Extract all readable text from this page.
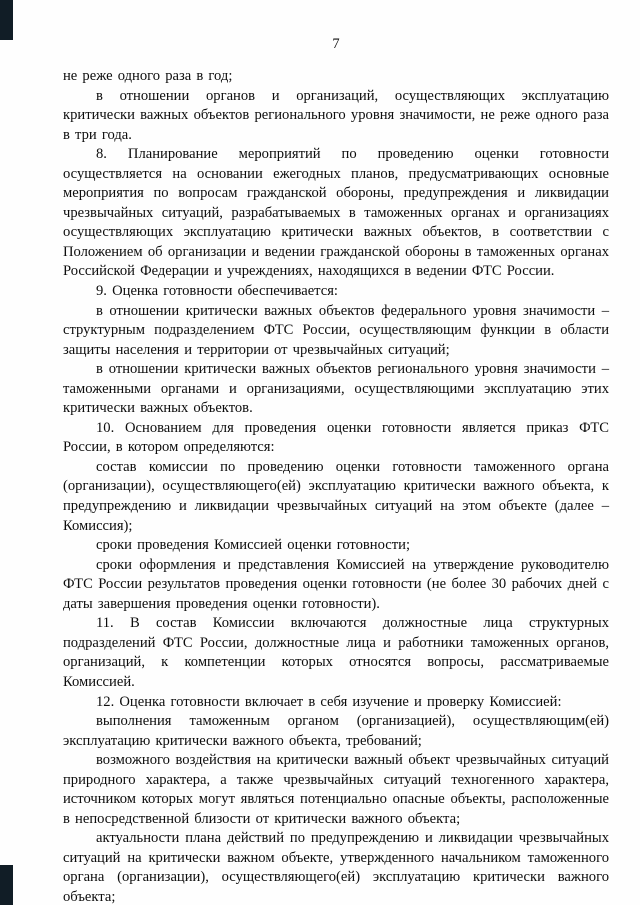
7

не реже одного раза в год;

в отношении органов и организаций, осуществляющих эксплуатацию критически важных объектов регионального уровня значимости, не реже одного раза в три года.

8. Планирование мероприятий по проведению оценки готовности осуществляется на основании ежегодных планов, предусматривающих основные мероприятия по вопросам гражданской обороны, предупреждения и ликвидации чрезвычайных ситуаций, разрабатываемых в таможенных органах и организациях осуществляющих эксплуатацию критически важных объектов, в соответствии с Положением об организации и ведении гражданской обороны в таможенных органах Российской Федерации и учреждениях, находящихся в ведении ФТС России.

9. Оценка готовности обеспечивается:

в отношении критически важных объектов федерального уровня значимости – структурным подразделением ФТС России, осуществляющим функции в области защиты населения и территории от чрезвычайных ситуаций;

в отношении критически важных объектов регионального уровня значимости – таможенными органами и организациями, осуществляющими эксплуатацию этих критически важных объектов.

10. Основанием для проведения оценки готовности является приказ ФТС России, в котором определяются:

состав комиссии по проведению оценки готовности таможенного органа (организации), осуществляющего(ей) эксплуатацию критически важного объекта, к предупреждению и ликвидации чрезвычайных ситуаций на этом объекте (далее – Комиссия);

сроки проведения Комиссией оценки готовности;

сроки оформления и представления Комиссией на утверждение руководителю ФТС России результатов проведения оценки готовности (не более 30 рабочих дней с даты завершения проведения оценки готовности).

11. В состав Комиссии включаются должностные лица структурных подразделений ФТС России, должностные лица и работники таможенных органов, организаций, к компетенции которых относятся вопросы, рассматриваемые Комиссией.

12. Оценка готовности включает в себя изучение и проверку Комиссией:

выполнения таможенным органом (организацией), осуществляющим(ей) эксплуатацию критически важного объекта, требований;

возможного воздействия на критически важный объект чрезвычайных ситуаций природного характера, а также чрезвычайных ситуаций техногенного характера, источником которых могут являться потенциально опасные объекты, расположенные в непосредственной близости от критически важного объекта;

актуальности плана действий по предупреждению и ликвидации чрезвычайных ситуаций на критически важном объекте, утвержденного начальником таможенного органа (организации), осуществляющего(ей) эксплуатацию критически важного объекта;
